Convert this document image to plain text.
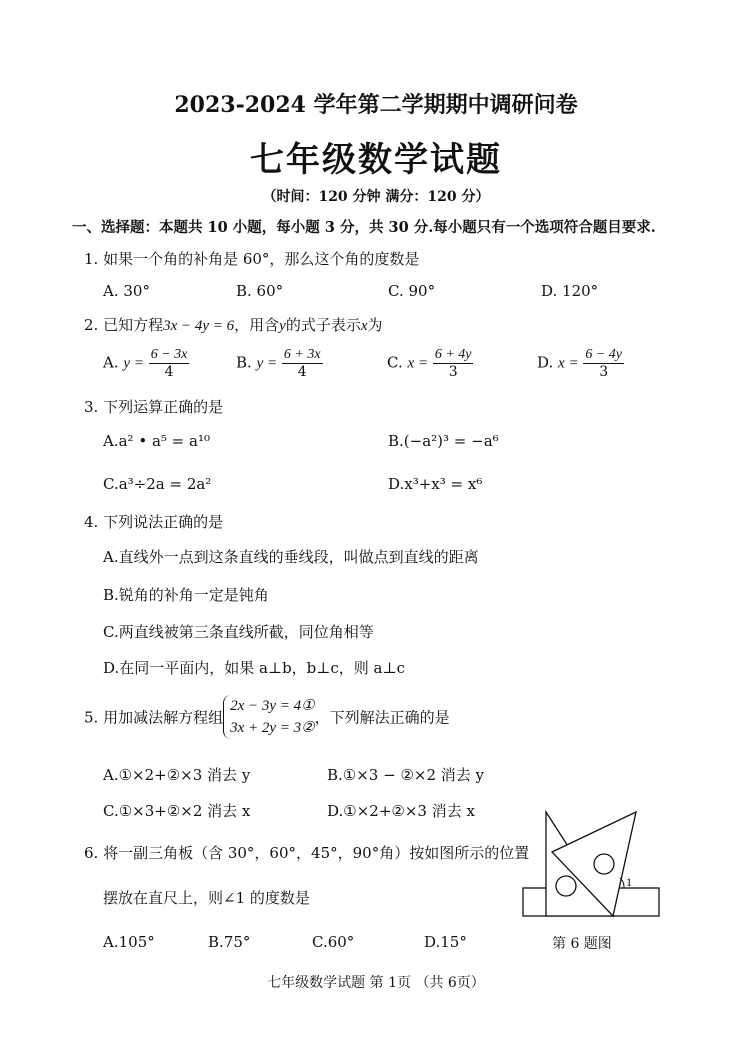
2023-2024 学年第二学期期中调研问卷
七年级数学试题
（时间：120 分钟 满分：120 分）
一、选择题：本题共 10 小题，每小题 3 分，共 30 分.每小题只有一个选项符合题目要求.
1. 如果一个角的补角是 60°，那么这个角的度数是
A. 30°	B. 60°	C. 90°	D. 120°
2. 已知方程3x − 4y = 6，用含y的式子表示x为
A. $y = \frac{6 - 3x}{4}$	B. $y = \frac{6 + 3x}{4}$	C. $x = \frac{6 + 4y}{3}$	D. $x = \frac{6 - 4y}{3}$
3. 下列运算正确的是
A.a² • a⁵ = a¹⁰	B.(−a²)³ = −a⁶
C.a³÷2a = 2a²	D.x³+x³ = x⁶
4. 下列说法正确的是
A.直线外一点到这条直线的垂线段，叫做点到直线的距离
B.锐角的补角一定是钝角
C.两直线被第三条直线所截，同位角相等
D.在同一平面内，如果 a⊥b，b⊥c，则 a⊥c
5. 用加减法解方程组
2x − 3y = 4①
3x + 2y = 3②
，下列解法正确的是
A.①×2+②×3 消去 y	B.①×3 − ②×2 消去 y
C.①×3+②×2 消去 x	D.①×2+②×3 消去 x
6. 将一副三角板（含 30°，60°，45°，90°角）按如图所示的位置
摆放在直尺上，则∠1 的度数是
A.105°	B.75°	C.60°	D.15°
1
第 6 题图
七年级数学试题 第 1页 （共 6页）
